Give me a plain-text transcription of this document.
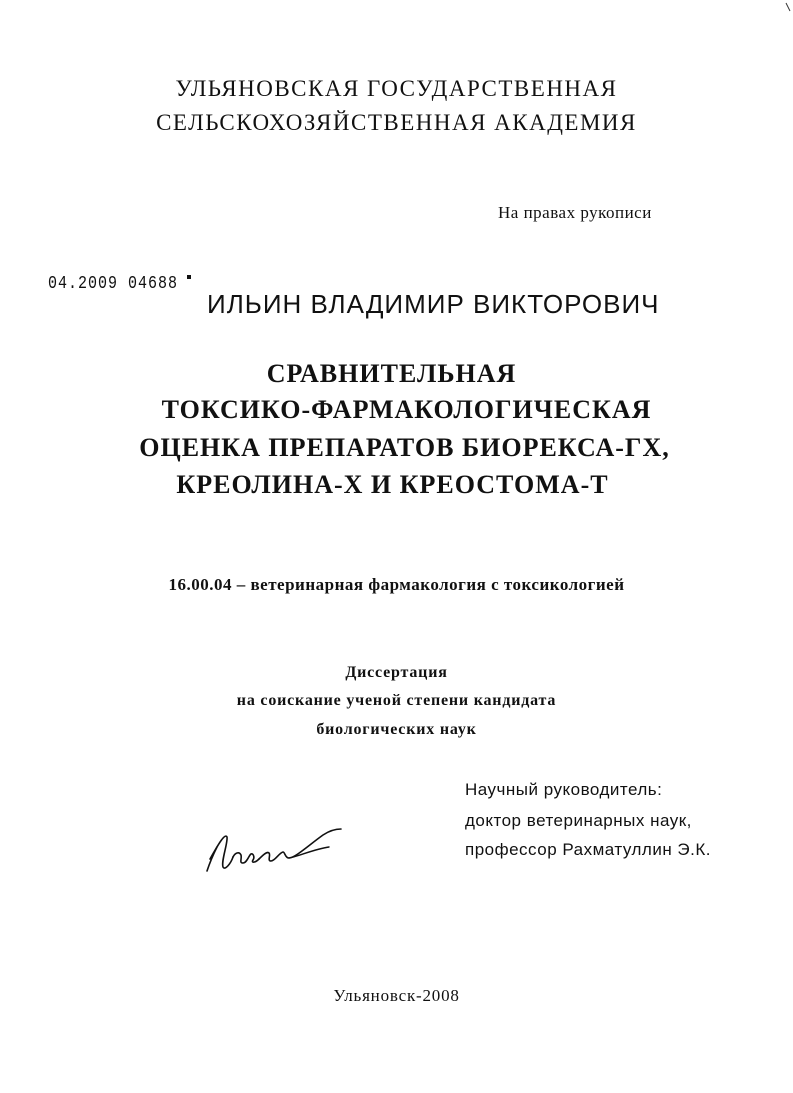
УЛЬЯНОВСКАЯ ГОСУДАРСТВЕННАЯ
СЕЛЬСКОХОЗЯЙСТВЕННАЯ АКАДЕМИЯ
На правах рукописи
04.2009 04688
ИЛЬИН ВЛАДИМИР ВИКТОРОВИЧ
СРАВНИТЕЛЬНАЯ
ТОКСИКО-ФАРМАКОЛОГИЧЕСКАЯ
ОЦЕНКА ПРЕПАРАТОВ БИОРЕКСА-ГХ,
КРЕОЛИНА-Х И КРЕОСТОМА-Т
16.00.04 – ветеринарная фармакология с токсикологией
Диссертация
на соискание ученой степени кандидата
биологических наук
Научный руководитель:
доктор ветеринарных наук,
профессор Рахматуллин Э.К.
Ульяновск-2008
